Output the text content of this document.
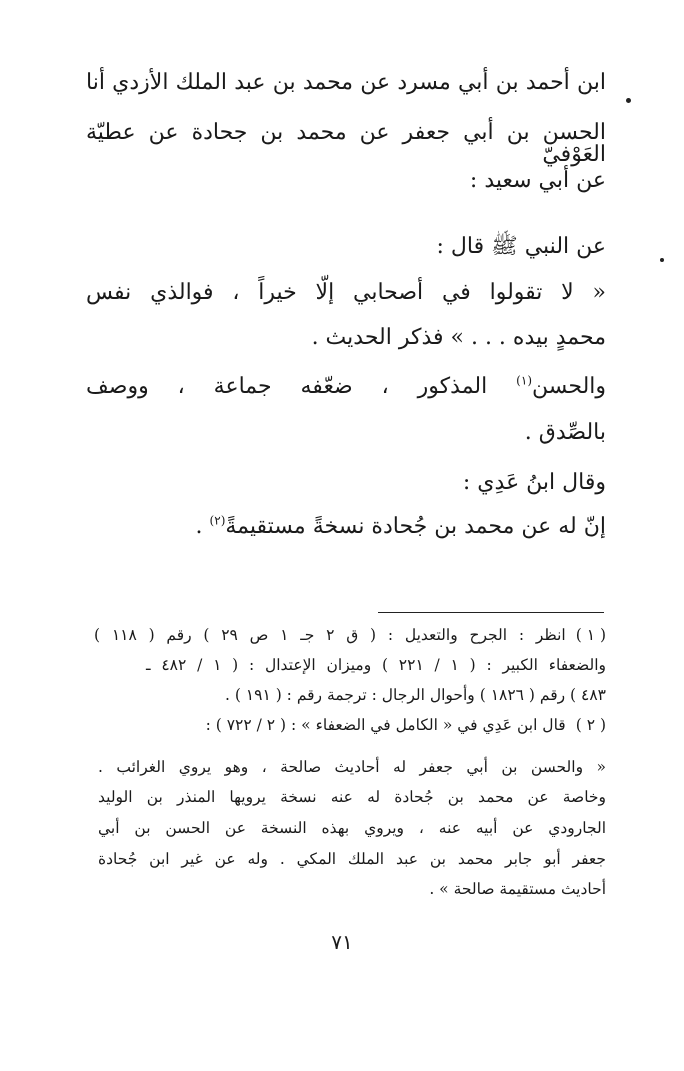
ابن أحمد بن أبي مسرد عن محمد بن عبد الملك الأزدي أنا
الحسن بن أبي جعفر عن محمد بن جحادة عن عطيّة العَوْفيّ
عن أبي سعيد :
عن النبي ﷺ قال :
« لا تقولوا في أصحابي إلّا خيراً ، فوالذي نفس
محمدٍ بيده . . . » فذكر الحديث .
والحسن$^{(١)}$ المذكور ، ضعّفه جماعة ، ووصف
بالصِّدق .
وقال ابنُ عَدِي :
إنّ له عن محمد بن جُحادة نسخةً مستقيمةً$^{(٢)}$ .
( ١ )انظر : الجرح والتعديل : ( ق ٢ جـ ١ ص ٢٩ ) رقم ( ١١٨ )
والضعفاء الكبير : ( ١ / ٢٢١ ) وميزان الإعتدال : ( ١ / ٤٨٢ ـ
٤٨٣ ) رقم ( ١٨٢٦ ) وأحوال الرجال : ترجمة رقم : ( ١٩١ ) .
( ٢ )قال ابن عَدِي في « الكامل في الضعفاء » : ( ٢ / ٧٢٢ ) :
« والحسن بن أبي جعفر له أحاديث صالحة ، وهو يروي الغرائب .
وخاصة عن محمد بن جُحادة له عنه نسخة يرويها المنذر بن الوليد
الجارودي عن أبيه عنه ، ويروي بهذه النسخة عن الحسن بن أبي
جعفر أبو جابر محمد بن عبد الملك المكي . وله عن غير ابن جُحادة
أحاديث مستقيمة صالحة » .
٧١
